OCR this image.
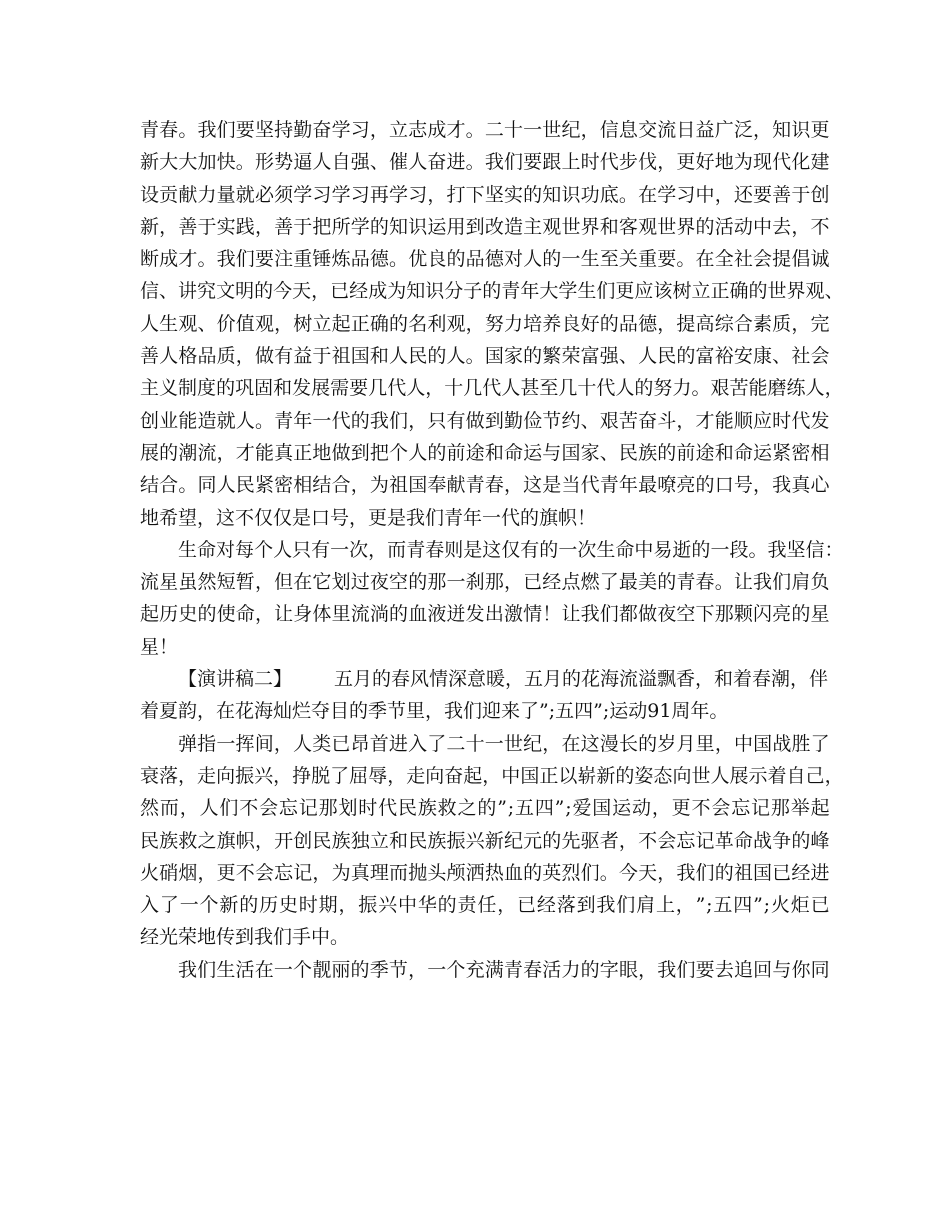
青 春 。 我 们 要 坚 持 勤 奋 学 习 ， 立 志 成 才 。 二 十 一 世 纪 ， 信 息 交 流 日 益 广 泛 ， 知 识 更
新 大 大 加 快 。 形 势 逼 人 自 强 、 催 人 奋 进 。 我 们 要 跟 上 时 代 步 伐 ， 更 好 地 为 现 代 化 建
设 贡 献 力 量 就 必 须 学 习 学 习 再 学 习 ， 打 下 坚 实 的 知 识 功 底 。 在 学 习 中 ， 还 要 善 于 创
新 ， 善 于 实 践 ， 善 于 把 所 学 的 知 识 运 用 到 改 造 主 观 世 界 和 客 观 世 界 的 活 动 中 去 ， 不
断 成 才 。 我 们 要 注 重 锤 炼 品 德 。 优 良 的 品 德 对 人 的 一 生 至 关 重 要 。 在 全 社 会 提 倡 诚
信 、 讲 究 文 明 的 今 天 ， 已 经 成 为 知 识 分 子 的 青 年 大 学 生 们 更 应 该 树 立 正 确 的 世 界 观 、
人 生 观 、 价 值 观 ， 树 立 起 正 确 的 名 利 观 ， 努 力 培 养 良 好 的 品 德 ， 提 高 综 合 素 质 ， 完
善 人 格 品 质 ， 做 有 益 于 祖 国 和 人 民 的 人 。 国 家 的 繁 荣 富 强 、 人 民 的 富 裕 安 康 、 社 会
主 义 制 度 的 巩 固 和 发 展 需 要 几 代 人 ， 十 几 代 人 甚 至 几 十 代 人 的 努 力 。 艰 苦 能 磨 练 人 ，
创 业 能 造 就 人 。 青 年 一 代 的 我 们 ， 只 有 做 到 勤 俭 节 约 、 艰 苦 奋 斗 ， 才 能 顺 应 时 代 发
展 的 潮 流 ， 才 能 真 正 地 做 到 把 个 人 的 前 途 和 命 运 与 国 家 、 民 族 的 前 途 和 命 运 紧 密 相
结 合 。 同 人 民 紧 密 相 结 合 ， 为 祖 国 奉 献 青 春 ， 这 是 当 代 青 年 最 嘹 亮 的 口 号 ， 我 真 心
地希望，这不仅仅是口号，更是我们青年一代的旗帜！
生 命 对 每 个 人 只 有 一 次 ， 而 青 春 则 是 这 仅 有 的 一 次 生 命 中 易 逝 的 一 段 。 我 坚 信 ：
流 星 虽 然 短 暂 ， 但 在 它 划 过 夜 空 的 那 一 刹 那 ， 已 经 点 燃 了 最 美 的 青 春 。 让 我 们 肩 负
起 历 史 的 使 命 ， 让 身 体 里 流 淌 的 血 液 迸 发 出 激 情 ！ 让 我 们 都 做 夜 空 下 那 颗 闪 亮 的 星
星！
【演讲稿二】 五月的春风情深意暖，五月的花海流溢飘香，和着春潮，伴
着夏韵，在花海灿烂夺目的季节里，我们迎来了”;五四”;运动91周年。
弹 指 一 挥 间 ， 人 类 已 昂 首 进 入 了 二 十 一 世 纪 ， 在 这 漫 长 的 岁 月 里 ， 中 国 战 胜 了
衰 落 ， 走 向 振 兴 ， 挣 脱 了 屈 辱 ， 走 向 奋 起 ， 中 国 正 以 崭 新 的 姿 态 向 世 人 展 示 着 自 己 ，
然 而 ， 人 们 不 会 忘 记 那 划 时 代 民 族 救 之 的 ” ; 五 四 ” ; 爱 国 运 动 ， 更 不 会 忘 记 那 举 起
民 族 救 之 旗 帜 ， 开 创 民 族 独 立 和 民 族 振 兴 新 纪 元 的 先 驱 者 ， 不 会 忘 记 革 命 战 争 的 峰
火 硝 烟 ， 更 不 会 忘 记 ， 为 真 理 而 抛 头 颅 洒 热 血 的 英 烈 们 。 今 天 ， 我 们 的 祖 国 已 经 进
入 了 一 个 新 的 历 史 时 期 ， 振 兴 中 华 的 责 任 ， 已 经 落 到 我 们 肩 上 ， ” ; 五 四 ” ; 火 炬 已
经光荣地传到我们手中。
我 们 生 活 在 一 个 靓 丽 的 季 节 ， 一 个 充 满 青 春 活 力 的 字 眼 ， 我 们 要 去 追 回 与 你 同
